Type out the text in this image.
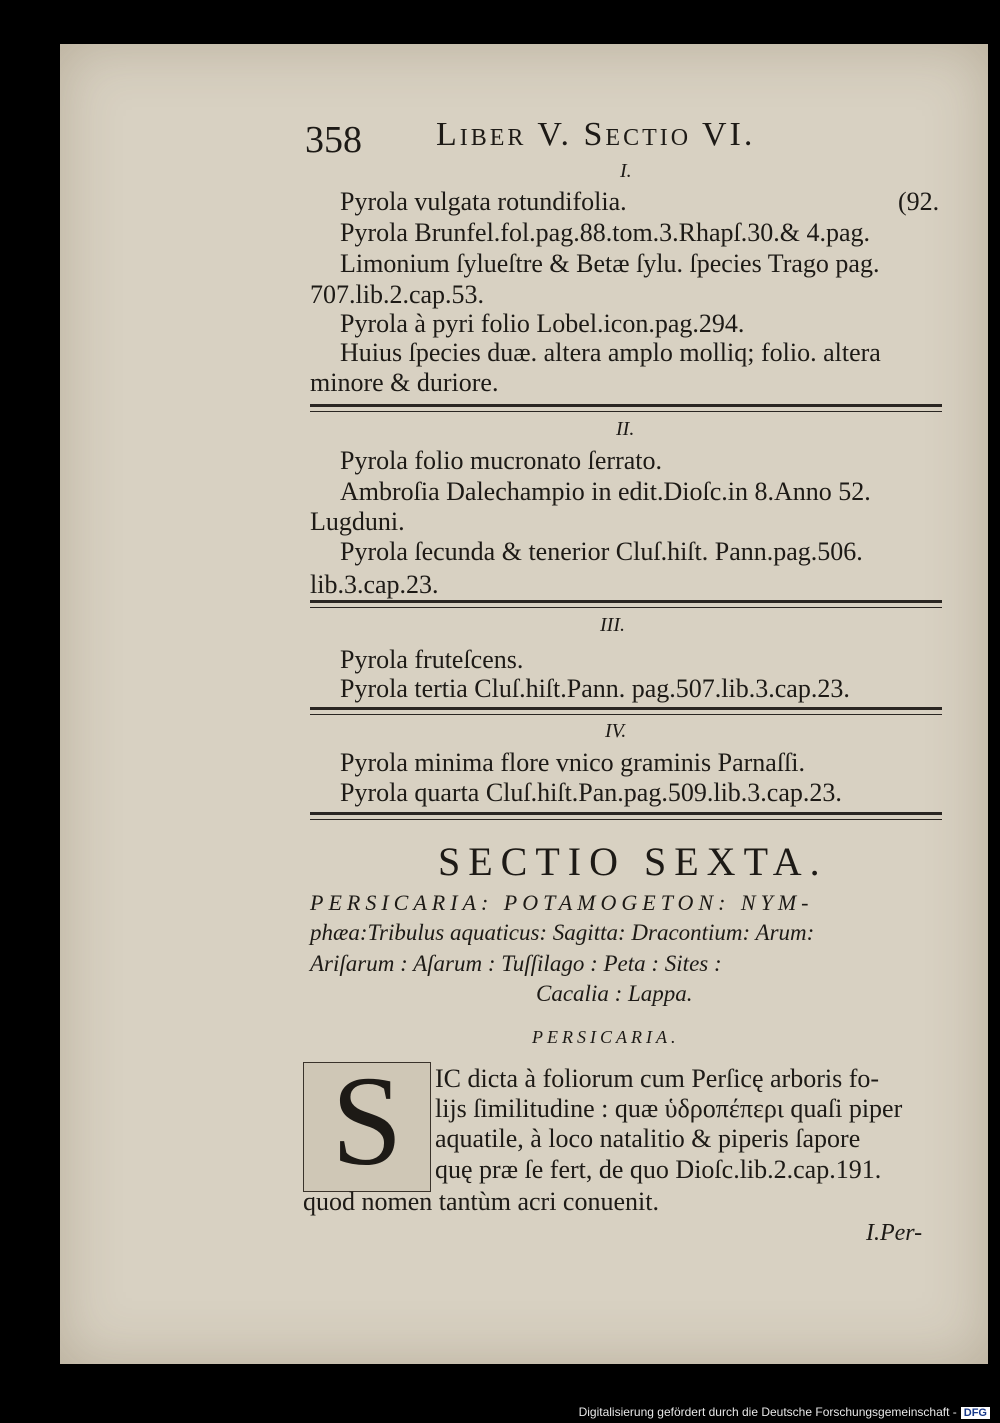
358 Liber V. Sectio VI.
I.
Pyrola vulgata rotundifolia.	(92.
Pyrola Brunfel.fol.pag.88.tom.3.Rhapſ.30.& 4.pag.
Limonium ſylueſtre & Betæ ſylu. ſpecies Trago pag.
707.lib.2.cap.53.
Pyrola à pyri folio Lobel.icon.pag.294.
Huius ſpecies duæ. altera amplo molliq; folio. altera
minore & duriore.
II.
Pyrola folio mucronato ſerrato.
Ambroſia Dalechampio in edit.Dioſc.in 8.Anno 52.
Lugduni.
Pyrola ſecunda & tenerior Cluſ.hiſt. Pann.pag.506.
lib.3.cap.23.
III.
Pyrola fruteſcens.
Pyrola tertia Cluſ.hiſt.Pann. pag.507.lib.3.cap.23.
IV.
Pyrola minima flore vnico graminis Parnaſſi.
Pyrola quarta Cluſ.hiſt.Pan.pag.509.lib.3.cap.23.
SECTIO SEXTA.
PERSICARIA: POTAMOGETON: NYM-
phæa:Tribulus aquaticus: Sagitta: Dracontium: Arum:
Ariſarum : Aſarum : Tuſſilago : Peta : Sites :
Cacalia : Lappa.
PERSICARIA.
S	IC dicta à foliorum cum Perſicę arboris fo-
lijs ſimilitudine : quæ ὑδροπέπερι quaſi piper
aquatile, à loco natalitio & piperis ſapore
quę præ ſe fert, de quo Dioſc.lib.2.cap.191.
quod nomen tantùm acri conuenit.
I.Per-
Digitalisierung gefördert durch die Deutsche Forschungsgemeinschaft - DFG
